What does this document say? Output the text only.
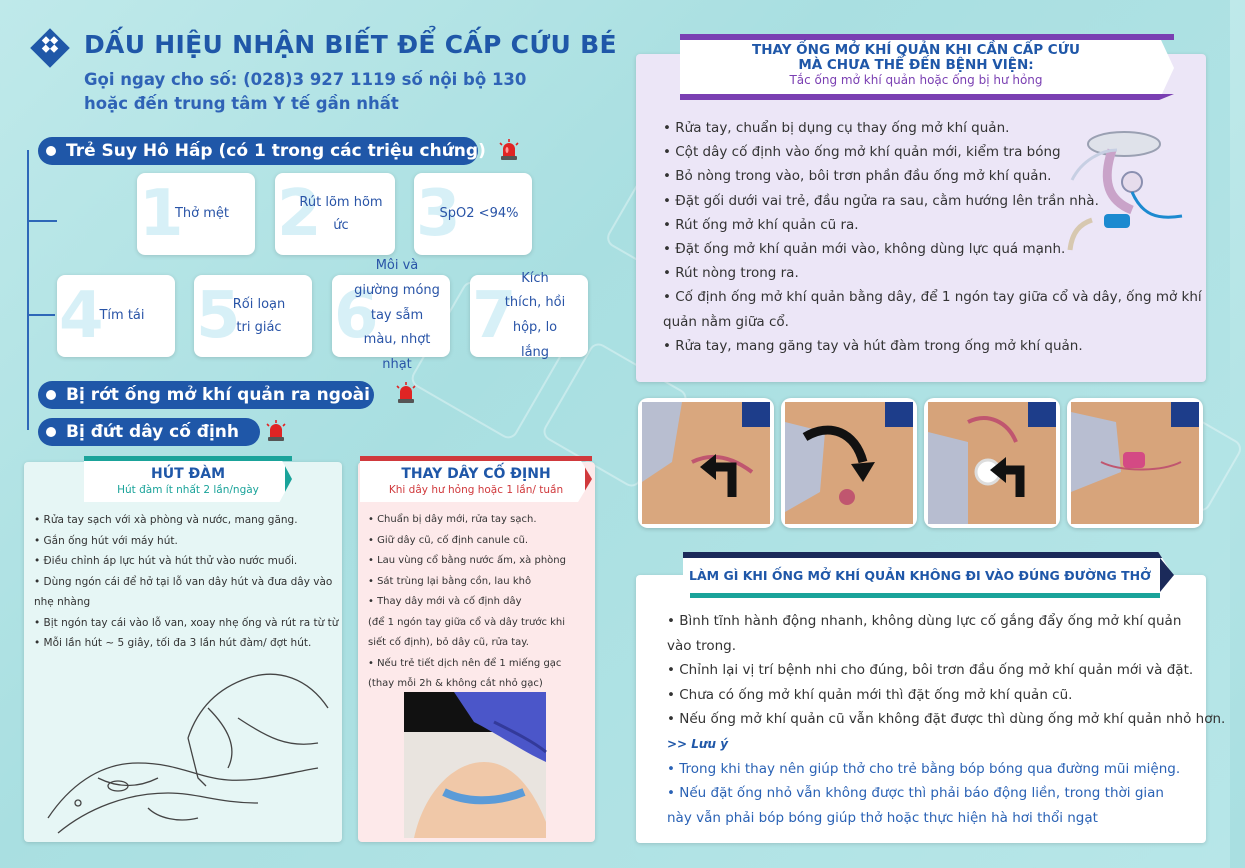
DẤU HIỆU NHẬN BIẾT ĐỂ CẤP CỨU BÉ
Gọi ngay cho số: (028)3 927 1119 số nội bộ 130
hoặc đến trung tâm Y tế gần nhất
Trẻ Suy Hô Hấp (có 1 trong các triệu chứng)
1
Thở mệt 2
Rút lõm hõm ức	3
SpO2 <94%
4
Tím tái 5
Rối loạn tri giác 6
Môi và giường móng tay sẫm màu, nhợt nhạt
7
Kích thích, hồi hộp, lo lắng
Bị rớt ống mở khí quản ra ngoài
Bị đứt dây cố định
HÚT ĐÀM
Hút đàm ít nhất 2 lần/ngày
• Rửa tay sạch với xà phòng và nước, mang găng.
• Gắn ống hút với máy hút.
• Điều chỉnh áp lực hút và hút thử vào nước muối.
• Dùng ngón cái để hở tại lỗ van dây hút và đưa dây vào
nhẹ nhàng
• Bịt ngón tay cái vào lỗ van, xoay nhẹ ống và rút ra từ từ
• Mỗi lần hút ~ 5 giây, tối đa 3 lần hút đàm/ đợt hút.
THAY DÂY CỐ ĐỊNH
Khi dây hư hỏng hoặc 1 lần/ tuần
• Chuẩn bị dây mới, rửa tay sạch.
• Giữ dây cũ, cố định canule cũ.
• Lau vùng cổ bằng nước ấm, xà phòng
• Sát trùng lại bằng cồn, lau khô
• Thay dây mới và cố định dây
(để 1 ngón tay giữa cổ và dây trước khi
siết cố định), bỏ dây cũ, rửa tay.
• Nếu trẻ tiết dịch nên để 1 miếng gạc
(thay mỗi 2h & không cắt nhỏ gạc)
THAY ỐNG MỞ KHÍ QUẢN KHI CẦN CẤP CỨU
MÀ CHƯA THỂ ĐẾN BỆNH VIỆN:
Tắc ống mở khí quản hoặc ống bị hư hỏng
• Rửa tay, chuẩn bị dụng cụ thay ống mở khí quản.
• Cột dây cố định vào ống mở khí quản mới, kiểm tra bóng
• Bỏ nòng trong vào, bôi trơn phần đầu ống mở khí quản.
• Đặt gối dưới vai trẻ, đầu ngửa ra sau, cằm hướng lên trần nhà.
• Rút ống mở khí quản cũ ra.
• Đặt ống mở khí quản mới vào, không dùng lực quá mạnh.
• Rút nòng trong ra.
• Cố định ống mở khí quản bằng dây, để 1 ngón tay giữa cổ và dây, ống mở khí
quản nằm giữa cổ.
• Rửa tay, mang găng tay và hút đàm trong ống mở khí quản.
LÀM GÌ KHI ỐNG MỞ KHÍ QUẢN KHÔNG ĐI VÀO ĐÚNG ĐƯỜNG THỞ
• Bình tĩnh hành động nhanh, không dùng lực cố gắng đẩy ống mở khí quản
vào trong.
• Chỉnh lại vị trí bệnh nhi cho đúng, bôi trơn đầu ống mở khí quản mới và đặt.
• Chưa có ống mở khí quản mới thì đặt ống mở khí quản cũ.
• Nếu ống mở khí quản cũ vẫn không đặt được thì dùng ống mở khí quản nhỏ hơn.
>> Lưu ý
• Trong khi thay nên giúp thở cho trẻ bằng bóp bóng qua đường mũi miệng.
• Nếu đặt ống nhỏ vẫn không được thì phải báo động liền, trong thời gian
này vẫn phải bóp bóng giúp thở hoặc thực hiện hà hơi thổi ngạt
